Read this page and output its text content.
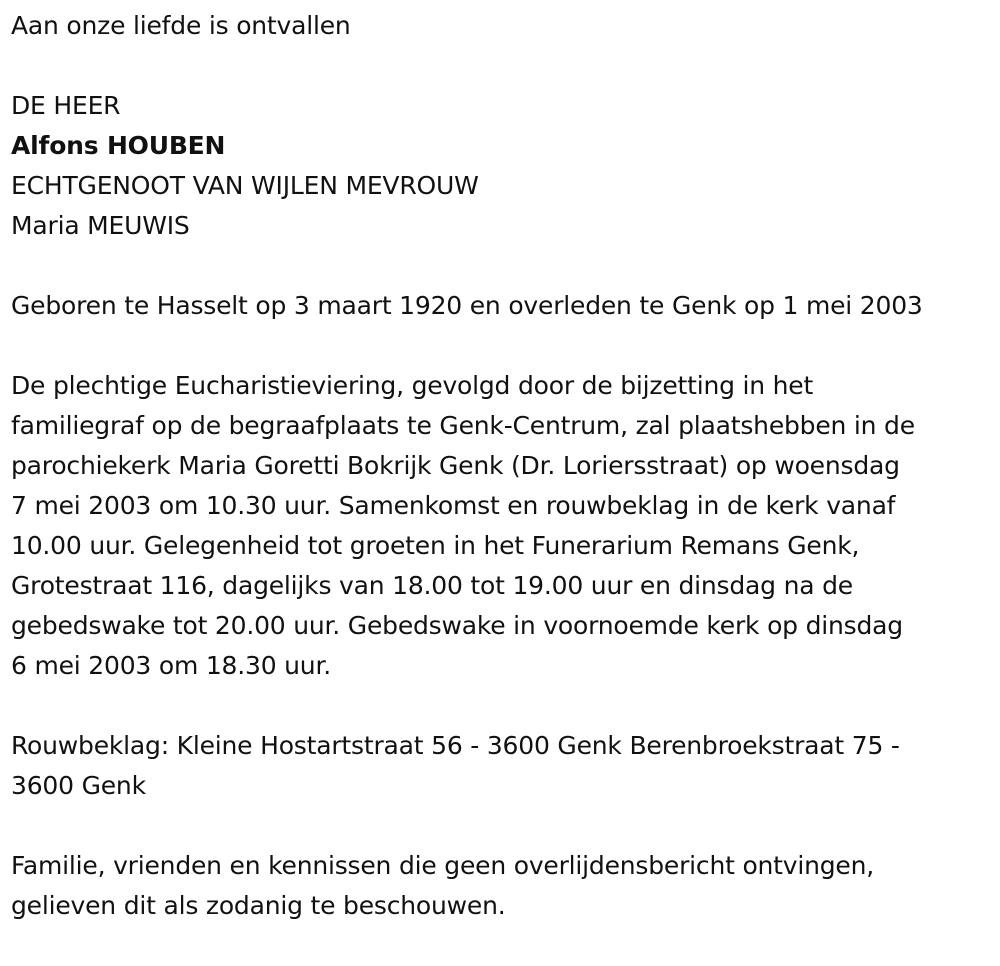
Aan onze liefde is ontvallen
DE HEER
Alfons HOUBEN
ECHTGENOOT VAN WIJLEN MEVROUW
Maria MEUWIS
Geboren te Hasselt op 3 maart 1920 en overleden te Genk op 1 mei 2003
De plechtige Eucharistieviering, gevolgd door de bijzetting in het
familiegraf op de begraafplaats te Genk-Centrum, zal plaatshebben in de
parochiekerk Maria Goretti Bokrijk Genk (Dr. Loriersstraat) op woensdag
7 mei 2003 om 10.30 uur. Samenkomst en rouwbeklag in de kerk vanaf
10.00 uur. Gelegenheid tot groeten in het Funerarium Remans Genk,
Grotestraat 116, dagelijks van 18.00 tot 19.00 uur en dinsdag na de
gebedswake tot 20.00 uur. Gebedswake in voornoemde kerk op dinsdag
6 mei 2003 om 18.30 uur.
Rouwbeklag: Kleine Hostartstraat 56 - 3600 Genk Berenbroekstraat 75 -
3600 Genk
Familie, vrienden en kennissen die geen overlijdensbericht ontvingen,
gelieven dit als zodanig te beschouwen.
